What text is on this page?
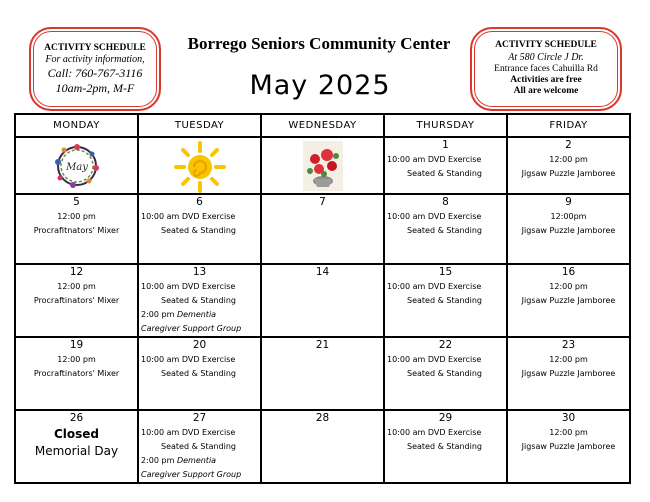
ACTIVITY SCHEDULE
For activity information,
Call: 760-767-3116
10am-2pm, M-F
Borrego Seniors Community Center
May 2025
ACTIVITY SCHEDULE
At 580 Circle J Dr.
Entrance faces Cahuilla Rd
Activities are free
All are welcome
MONDAY	TUESDAY	WEDNESDAY	THURSDAY	FRIDAY

May			1
10:00 am DVD Exercise
Seated & Standing	2
12:00 pm
Jigsaw Puzzle Jamboree

5
12:00 pm
Procrafitnators' Mixer	6
10:00 am DVD Exercise
Seated & Standing	7	8
10:00 am DVD Exercise
Seated & Standing	9
12:00pm
Jigsaw Puzzle Jamboree

12
12:00 pm
Procraftinators' Mixer	13
10:00 am DVD Exercise
Seated & Standing
2:00 pm Dementia
Caregiver Support Group	14	15
10:00 am DVD Exercise
Seated & Standing	16
12:00 pm
Jigsaw Puzzle Jamboree

19
12:00 pm
Procraftinators' Mixer	20
10:00 am DVD Exercise
Seated & Standing	21	22
10:00 am DVD Exercise
Seated & Standing	23
12:00 pm
Jigsaw Puzzle Jamboree

26
Closed
Memorial Day	27
10:00 am DVD Exercise
Seated & Standing
2:00 pm Dementia
Caregiver Support Group	28	29
10:00 am DVD Exercise
Seated & Standing	30
12:00 pm
Jigsaw Puzzle Jamboree
